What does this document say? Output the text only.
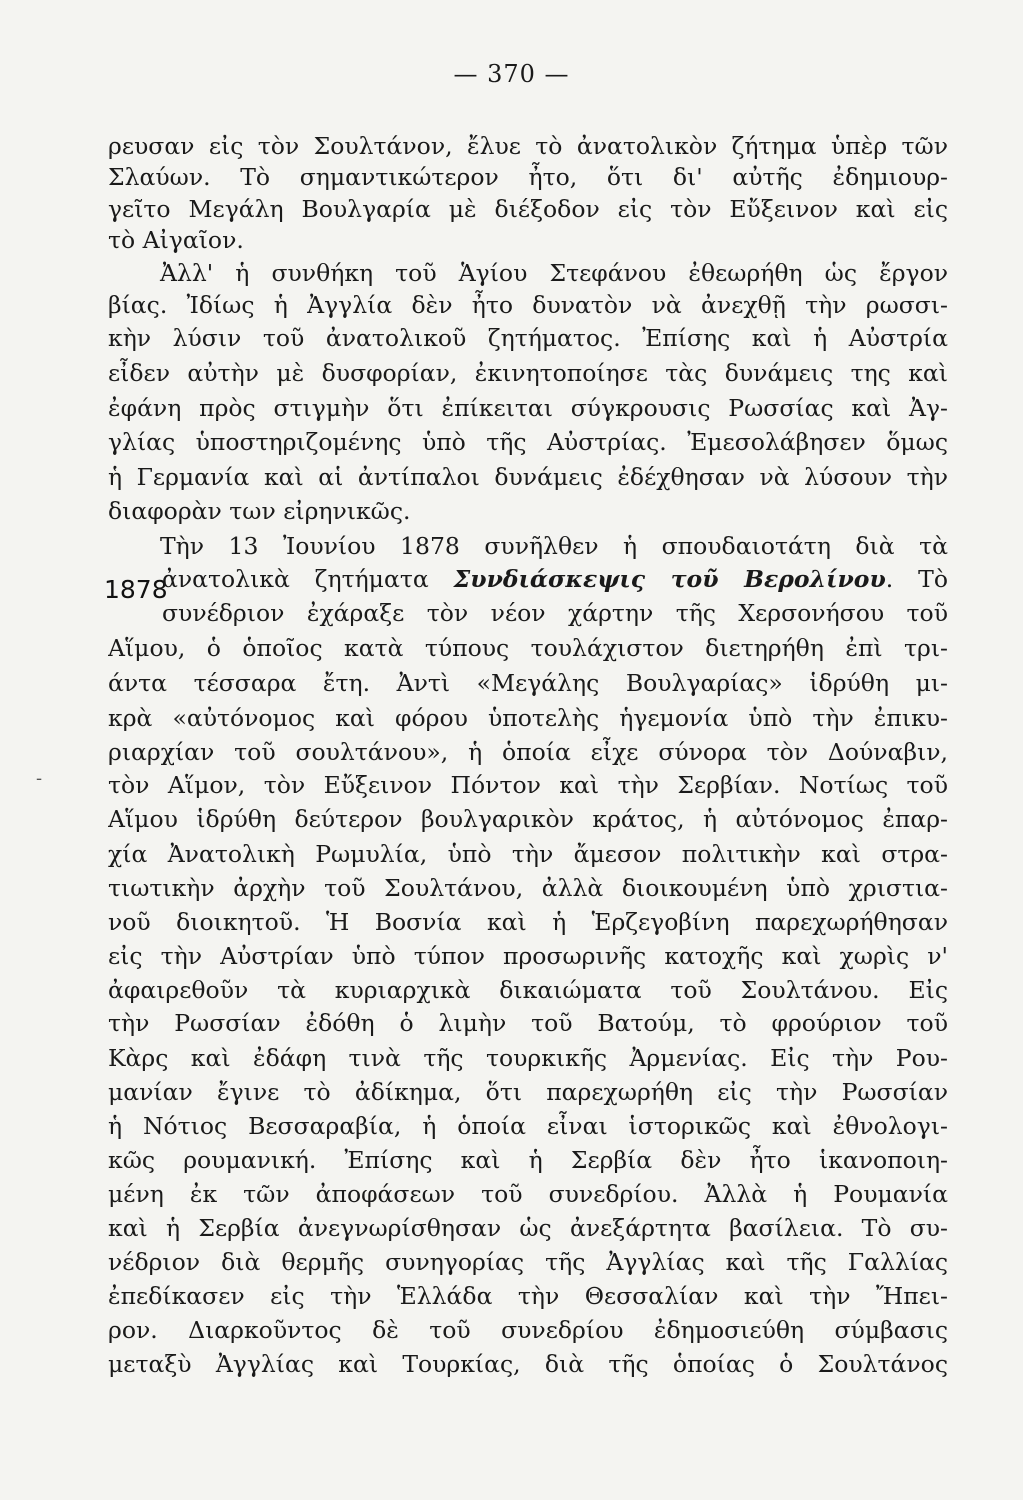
— 370 —
-
1878
ρευσαν εἰς τὸν Σουλτάνον, ἔλυε τὸ ἀνατολικὸν ζήτημα ὑπὲρ τῶν
Σλαύων. Τὸ σημαντικώτερον ἦτο, ὅτι δι' αὐτῆς ἐδημιουρ-
γεῖτο Μεγάλη Βουλγαρία μὲ διέξοδον εἰς τὸν Εὔξεινον καὶ εἰς
τὸ Αἰγαῖον.
Ἀλλ' ἡ συνθήκη τοῦ Ἁγίου Στεφάνου ἐθεωρήθη ὡς ἔργον
βίας. Ἰδίως ἡ Ἀγγλία δὲν ἦτο δυνατὸν νὰ ἀνεχθῇ τὴν ρωσσι-
κὴν λύσιν τοῦ ἀνατολικοῦ ζητήματος. Ἐπίσης καὶ ἡ Αὐστρία
εἶδεν αὐτὴν μὲ δυσφορίαν, ἐκινητοποίησε τὰς δυνάμεις της καὶ
ἐφάνη πρὸς στιγμὴν ὅτι ἐπίκειται σύγκρουσις Ρωσσίας καὶ Ἀγ-
γλίας ὑποστηριζομένης ὑπὸ τῆς Αὐστρίας. Ἐμεσολάβησεν ὅμως
ἡ Γερμανία καὶ αἱ ἀντίπαλοι δυνάμεις ἐδέχθησαν νὰ λύσουν τὴν
διαφορὰν των εἰρηνικῶς.
Τὴν 13 Ἰουνίου 1878 συνῆλθεν ἡ σπουδαιοτάτη διὰ τὰ
ἀνατολικὰ ζητήματα Συνδιάσκεψις τοῦ Βερολίνου. Τὸ
συνέδριον ἐχάραξε τὸν νέον χάρτην τῆς Χερσονήσου τοῦ
Αἵμου, ὁ ὁποῖος κατὰ τύπους τουλάχιστον διετηρήθη ἐπὶ τρι-
άντα τέσσαρα ἔτη. Ἀντὶ «Μεγάλης Βουλγαρίας» ἱδρύθη μι-
κρὰ «αὐτόνομος καὶ φόρου ὑποτελὴς ἡγεμονία ὑπὸ τὴν ἐπικυ-
ριαρχίαν τοῦ σουλτάνου», ἡ ὁποία εἶχε σύνορα τὸν Δούναβιν,
τὸν Αἵμον, τὸν Εὔξεινον Πόντον καὶ τὴν Σερβίαν. Νοτίως τοῦ
Αἵμου ἱδρύθη δεύτερον βουλγαρικὸν κράτος, ἡ αὐτόνομος ἐπαρ-
χία Ἀνατολικὴ Ρωμυλία, ὑπὸ τὴν ἄμεσον πολιτικὴν καὶ στρα-
τιωτικὴν ἀρχὴν τοῦ Σουλτάνου, ἀλλὰ διοικουμένη ὑπὸ χριστια-
νοῦ διοικητοῦ. Ἡ Βοσνία καὶ ἡ Ἑρζεγοβίνη παρεχωρήθησαν
εἰς τὴν Αὐστρίαν ὑπὸ τύπον προσωρινῆς κατοχῆς καὶ χωρὶς ν'
ἀφαιρεθοῦν τὰ κυριαρχικὰ δικαιώματα τοῦ Σουλτάνου. Εἰς
τὴν Ρωσσίαν ἐδόθη ὁ λιμὴν τοῦ Βατούμ, τὸ φρούριον τοῦ
Κὰρς καὶ ἐδάφη τινὰ τῆς τουρκικῆς Ἀρμενίας. Εἰς τὴν Ρου-
μανίαν ἔγινε τὸ ἀδίκημα, ὅτι παρεχωρήθη εἰς τὴν Ρωσσίαν
ἡ Νότιος Βεσσαραβία, ἡ ὁποία εἶναι ἱστορικῶς καὶ ἐθνολογι-
κῶς ρουμανική. Ἐπίσης καὶ ἡ Σερβία δὲν ἦτο ἱκανοποιη-
μένη ἐκ τῶν ἀποφάσεων τοῦ συνεδρίου. Ἀλλὰ ἡ Ρουμανία
καὶ ἡ Σερβία ἀνεγνωρίσθησαν ὡς ἀνεξάρτητα βασίλεια. Τὸ συ-
νέδριον διὰ θερμῆς συνηγορίας τῆς Ἀγγλίας καὶ τῆς Γαλλίας
ἐπεδίκασεν εἰς τὴν Ἑλλάδα τὴν Θεσσαλίαν καὶ τὴν Ἤπει-
ρον. Διαρκοῦντος δὲ τοῦ συνεδρίου ἐδημοσιεύθη σύμβασις
μεταξὺ Ἀγγλίας καὶ Τουρκίας, διὰ τῆς ὁποίας ὁ Σουλτάνος
